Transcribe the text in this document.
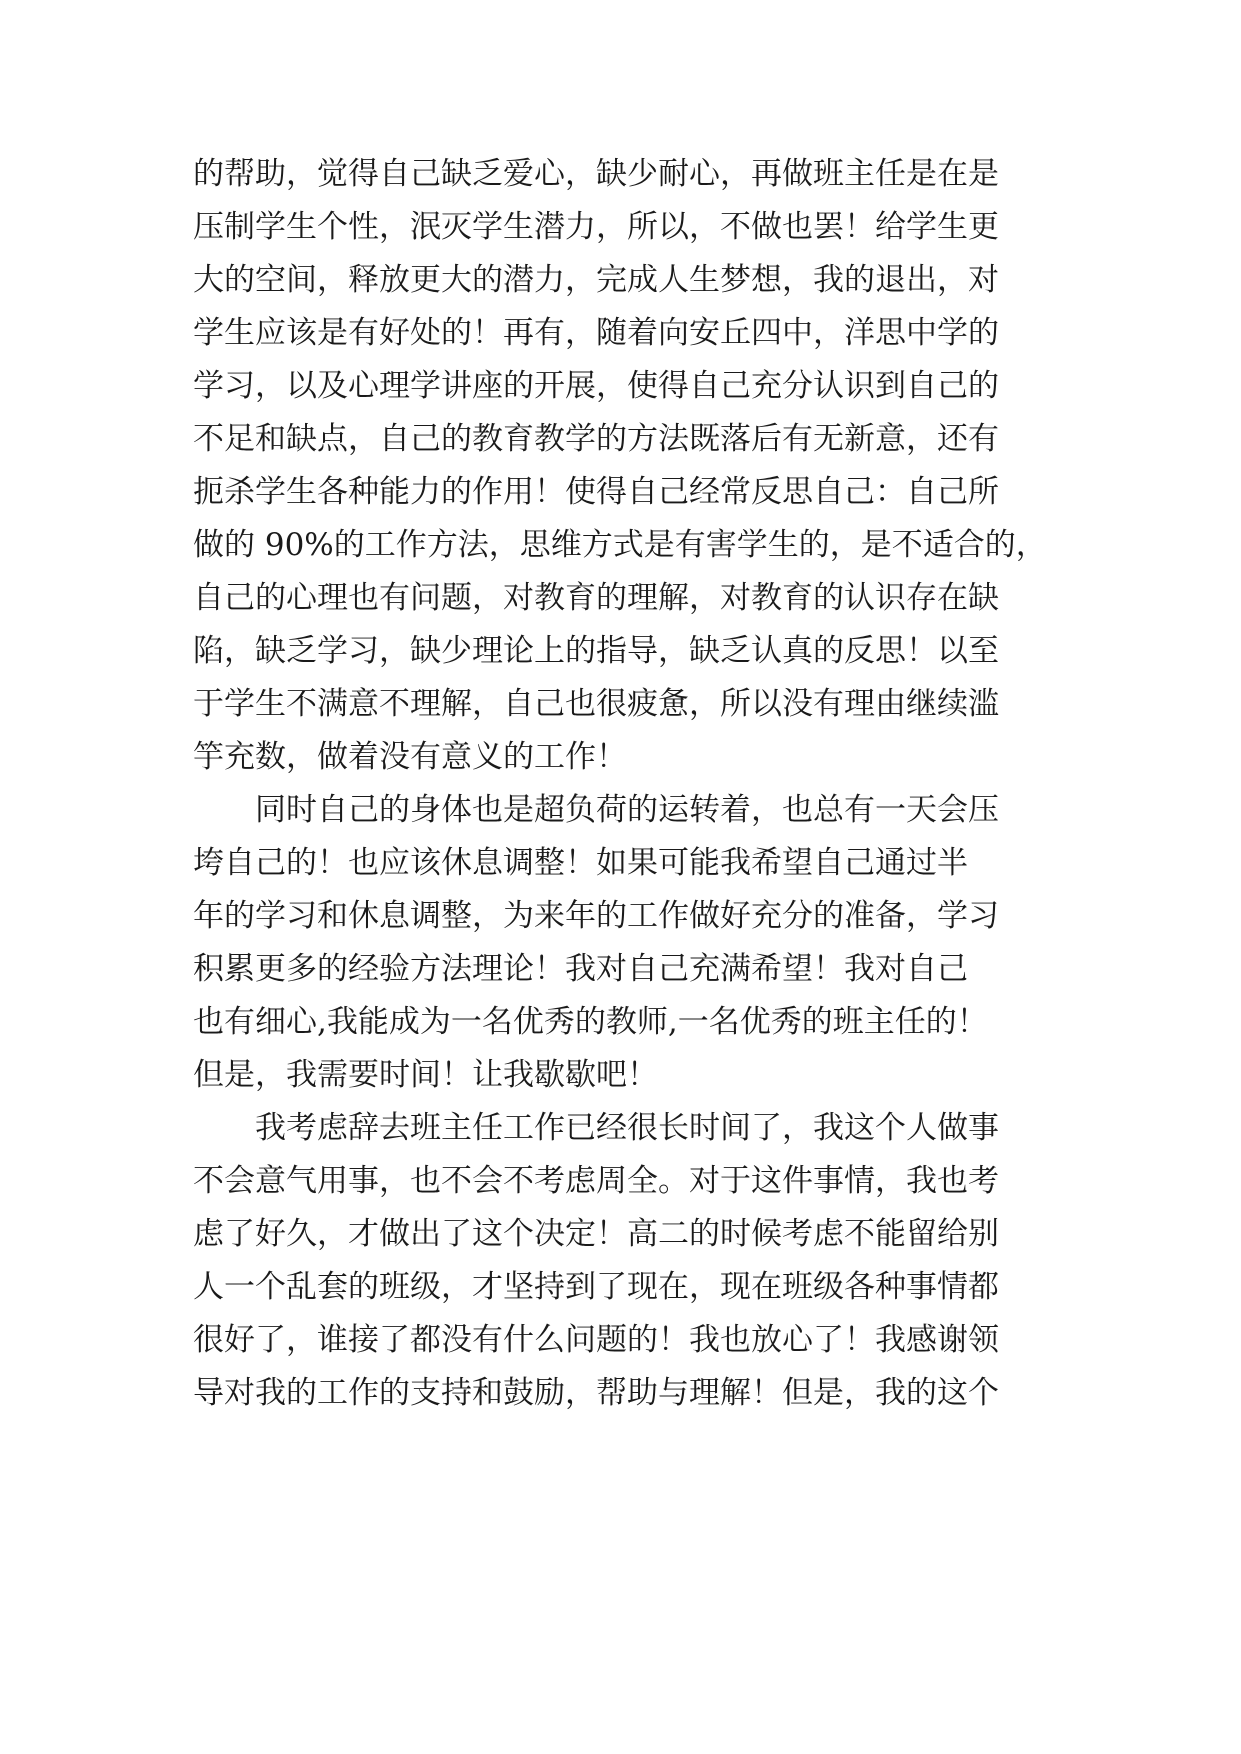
的帮助，觉得自己缺乏爱心，缺少耐心，再做班主任是在是
压制学生个性，泯灭学生潜力，所以，不做也罢！给学生更
大的空间，释放更大的潜力，完成人生梦想，我的退出，对
学生应该是有好处的！再有，随着向安丘四中，洋思中学的
学习，以及心理学讲座的开展，使得自己充分认识到自己的
不足和缺点，自己的教育教学的方法既落后有无新意，还有
扼杀学生各种能力的作用！使得自己经常反思自己：自己所
做的 90%的工作方法，思维方式是有害学生的，是不适合的，
自己的心理也有问题，对教育的理解，对教育的认识存在缺
陷，缺乏学习，缺少理论上的指导，缺乏认真的反思！以至
于学生不满意不理解，自己也很疲惫，所以没有理由继续滥
竽充数，做着没有意义的工作！
同时自己的身体也是超负荷的运转着，也总有一天会压
垮自己的！也应该休息调整！如果可能我希望自己通过半
年的学习和休息调整，为来年的工作做好充分的准备，学习
积累更多的经验方法理论！我对自己充满希望！我对自己
也有细心,我能成为一名优秀的教师,一名优秀的班主任的！
但是，我需要时间！让我歇歇吧！
我考虑辞去班主任工作已经很长时间了，我这个人做事
不会意气用事，也不会不考虑周全。对于这件事情，我也考
虑了好久，才做出了这个决定！高二的时候考虑不能留给别
人一个乱套的班级，才坚持到了现在，现在班级各种事情都
很好了，谁接了都没有什么问题的！我也放心了！我感谢领
导对我的工作的支持和鼓励，帮助与理解！但是，我的这个
